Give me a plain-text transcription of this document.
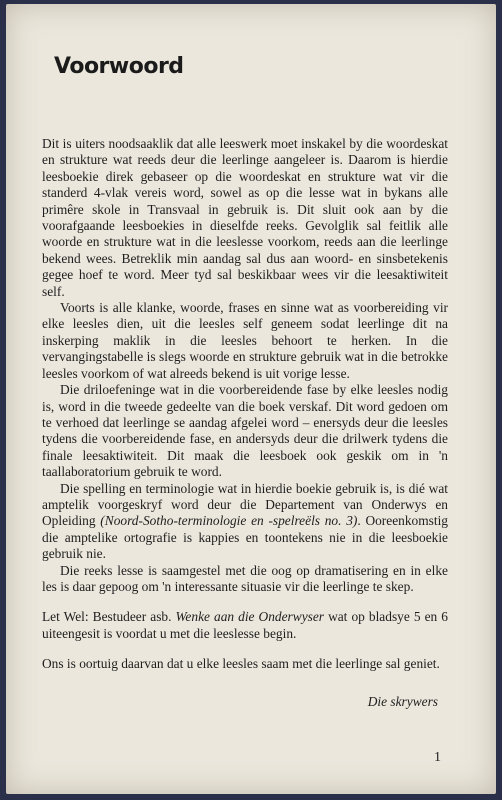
Voorwoord

Dit is uiters noodsaaklik dat alle leeswerk moet inskakel by die woordeskat en strukture wat reeds deur die leerlinge aangeleer is. Daarom is hierdie leesboekie direk gebaseer op die woordeskat en strukture wat vir die standerd 4-vlak vereis word, sowel as op die lesse wat in bykans alle primêre skole in Transvaal in gebruik is. Dit sluit ook aan by die voorafgaande leesboekies in dieselfde reeks. Gevolglik sal feitlik alle woorde en strukture wat in die leeslesse voorkom, reeds aan die leerlinge bekend wees. Betreklik min aandag sal dus aan woord- en sinsbetekenis gegee hoef te word. Meer tyd sal beskikbaar wees vir die leesaktiwiteit self.

Voorts is alle klanke, woorde, frases en sinne wat as voorbereiding vir elke leesles dien, uit die leesles self geneem sodat leerlinge dit na inskerping maklik in die leesles behoort te herken. In die vervangingstabelle is slegs woorde en strukture gebruik wat in die betrokke leesles voorkom of wat alreeds bekend is uit vorige lesse.

Die driloefeninge wat in die voorbereidende fase by elke leesles nodig is, word in die tweede gedeelte van die boek verskaf. Dit word gedoen om te verhoed dat leerlinge se aandag afgelei word – enersyds deur die leesles tydens die voorbereidende fase, en andersyds deur die drilwerk tydens die finale leesaktiwiteit. Dit maak die leesboek ook geskik om in 'n taallaboratorium gebruik te word.

Die spelling en terminologie wat in hierdie boekie gebruik is, is dié wat amptelik voorgeskryf word deur die Departement van Onderwys en Opleiding (Noord-Sotho-terminologie en -spelreëls no. 3). Ooreenkomstig die amptelike ortografie is kappies en toontekens nie in die leesboekie gebruik nie.

Die reeks lesse is saamgestel met die oog op dramatisering en in elke les is daar gepoog om 'n interessante situasie vir die leerlinge te skep.

Let Wel: Bestudeer asb. Wenke aan die Onderwyser wat op bladsye 5 en 6 uiteengesit is voordat u met die leeslesse begin.

Ons is oortuig daarvan dat u elke leesles saam met die leerlinge sal geniet.

Die skrywers
1
